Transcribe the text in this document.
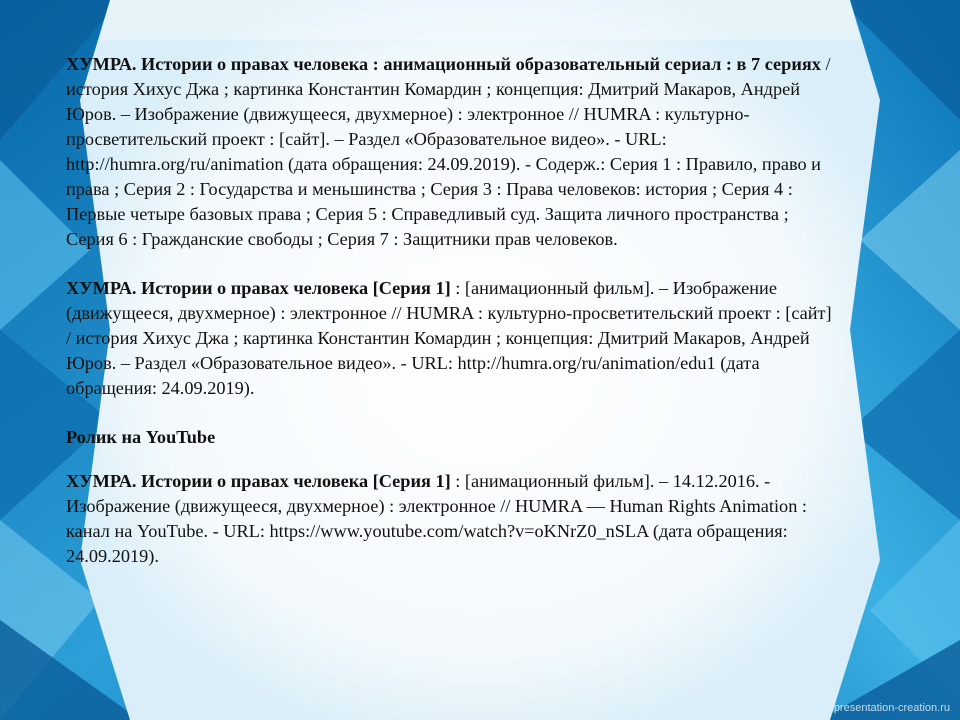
ХУМРА. Истории о правах человека : анимационный образовательный сериал : в 7 сериях / история Хихус Джа ; картинка Константин Комардин ; концепция: Дмитрий Макаров, Андрей Юров. – Изображение (движущееся, двухмерное) : электронное // HUMRA : культурно-просветительский проект : [сайт]. – Раздел «Образовательное видео». - URL: http://humra.org/ru/animation (дата обращения: 24.09.2019). - Содерж.: Серия 1 : Правило, право и права ; Серия 2 : Государства и меньшинства ; Серия 3 : Права человеков: история ; Серия 4 : Первые четыре базовых права ; Серия 5 : Справедливый суд. Защита личного пространства ; Серия 6 : Гражданские свободы ; Серия 7 : Защитники прав человеков.

ХУМРА. Истории о правах человека [Серия 1] : [анимационный фильм]. – Изображение (движущееся, двухмерное) : электронное // HUMRA : культурно-просветительский проект : [сайт] / история Хихус Джа ; картинка Константин Комардин ; концепция: Дмитрий Макаров, Андрей Юров. – Раздел «Образовательное видео». - URL: http://humra.org/ru/animation/edu1 (дата обращения: 24.09.2019).

Ролик на YouTube

ХУМРА. Истории о правах человека [Серия 1] : [анимационный фильм]. – 14.12.2016. - Изображение (движущееся, двухмерное) : электронное // HUMRA — Human Rights Animation : канал на YouTube. - URL: https://www.youtube.com/watch?v=oKNrZ0_nSLA (дата обращения: 24.09.2019).

presentation-creation.ru
